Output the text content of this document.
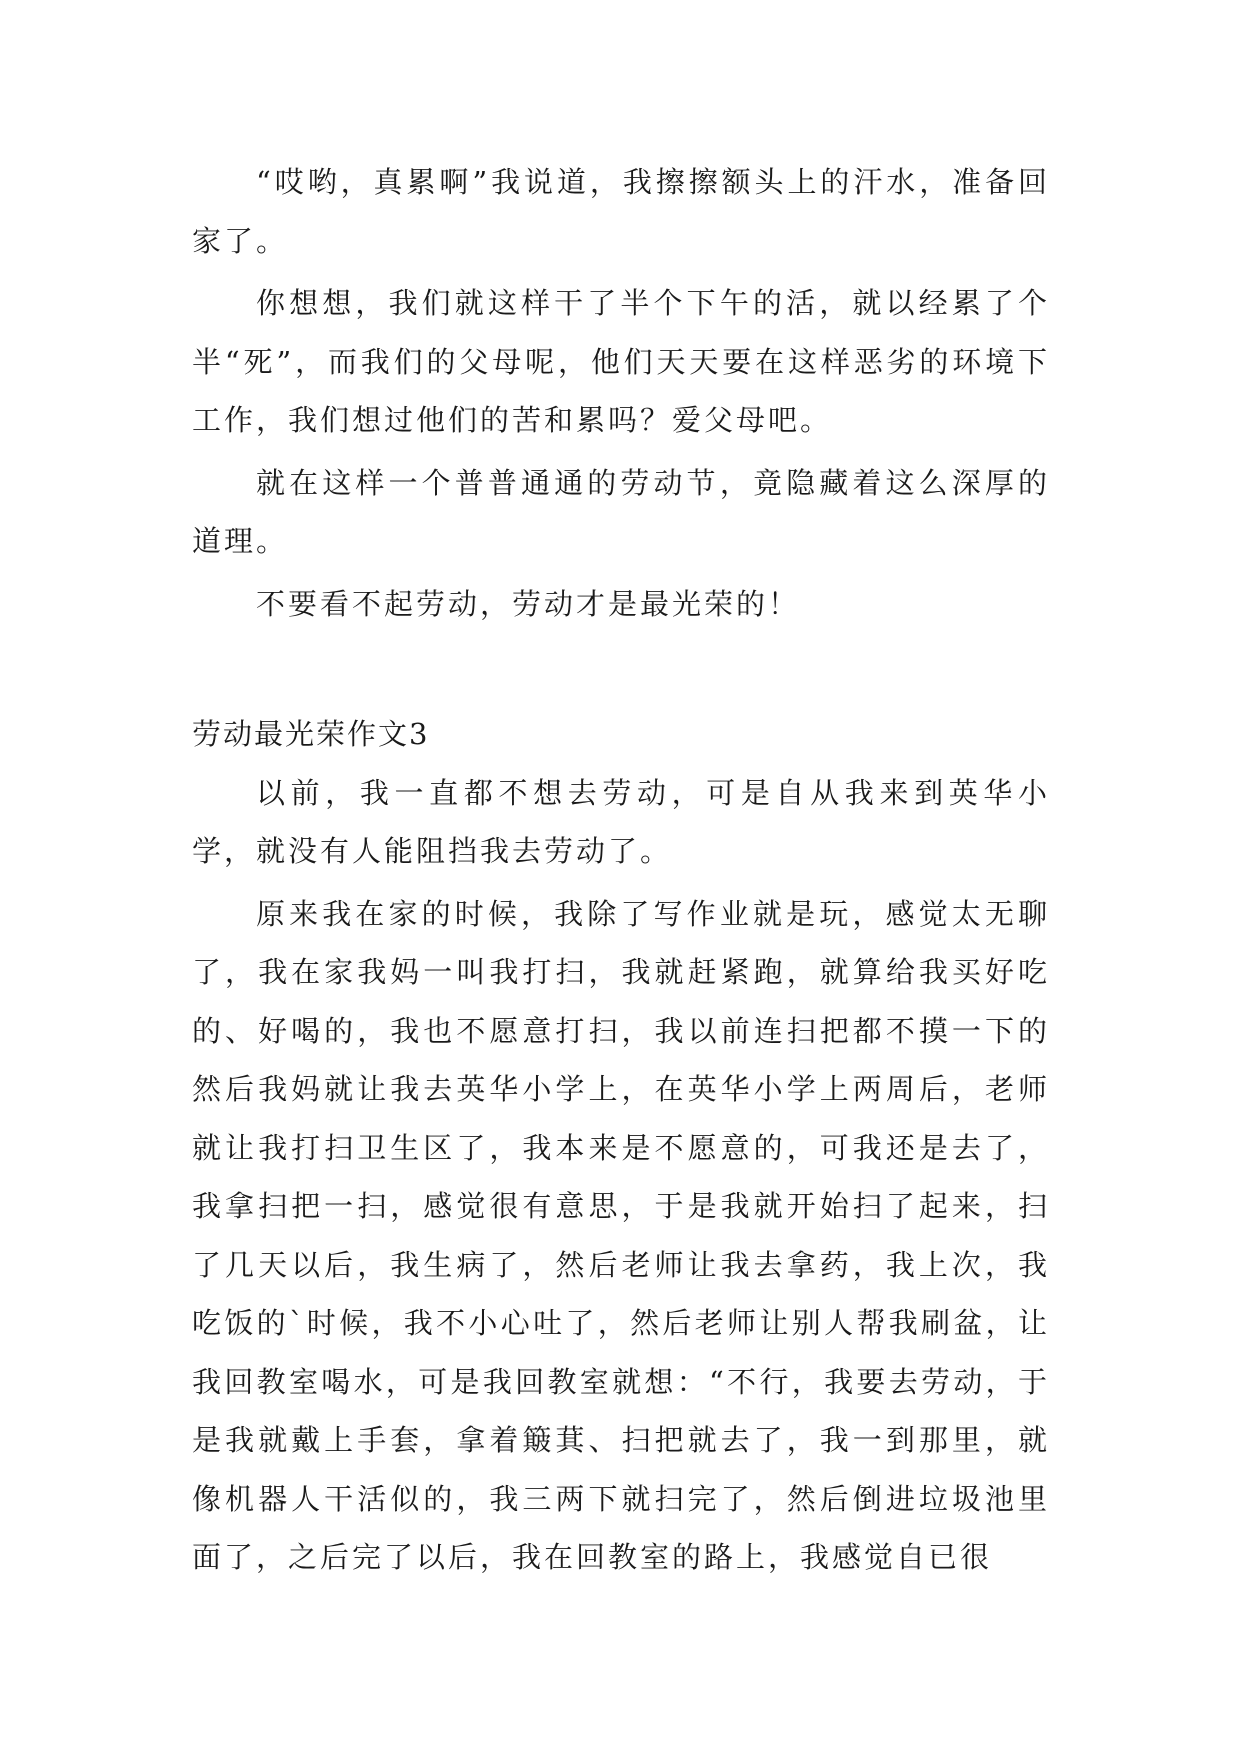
“哎哟，真累啊”我说道，我擦擦额头上的汗水，准备回家了。

你想想，我们就这样干了半个下午的活，就以经累了个半“死”，而我们的父母呢，他们天天要在这样恶劣的环境下工作，我们想过他们的苦和累吗？爱父母吧。

就在这样一个普普通通的劳动节，竟隐藏着这么深厚的道理。

不要看不起劳动，劳动才是最光荣的！

劳动最光荣作文3

以前，我一直都不想去劳动，可是自从我来到英华小学，就没有人能阻挡我去劳动了。

原来我在家的时候，我除了写作业就是玩，感觉太无聊了，我在家我妈一叫我打扫，我就赶紧跑，就算给我买好吃的、好喝的，我也不愿意打扫，我以前连扫把都不摸一下的然后我妈就让我去英华小学上，在英华小学上两周后，老师就让我打扫卫生区了，我本来是不愿意的，可我还是去了，我拿扫把一扫，感觉很有意思，于是我就开始扫了起来，扫了几天以后，我生病了，然后老师让我去拿药，我上次，我吃饭的`时候，我不小心吐了，然后老师让别人帮我刷盆，让我回教室喝水，可是我回教室就想：“不行，我要去劳动，于是我就戴上手套，拿着簸萁、扫把就去了，我一到那里，就像机器人干活似的，我三两下就扫完了，然后倒进垃圾池里面了，之后完了以后，我在回教室的路上，我感觉自已很
